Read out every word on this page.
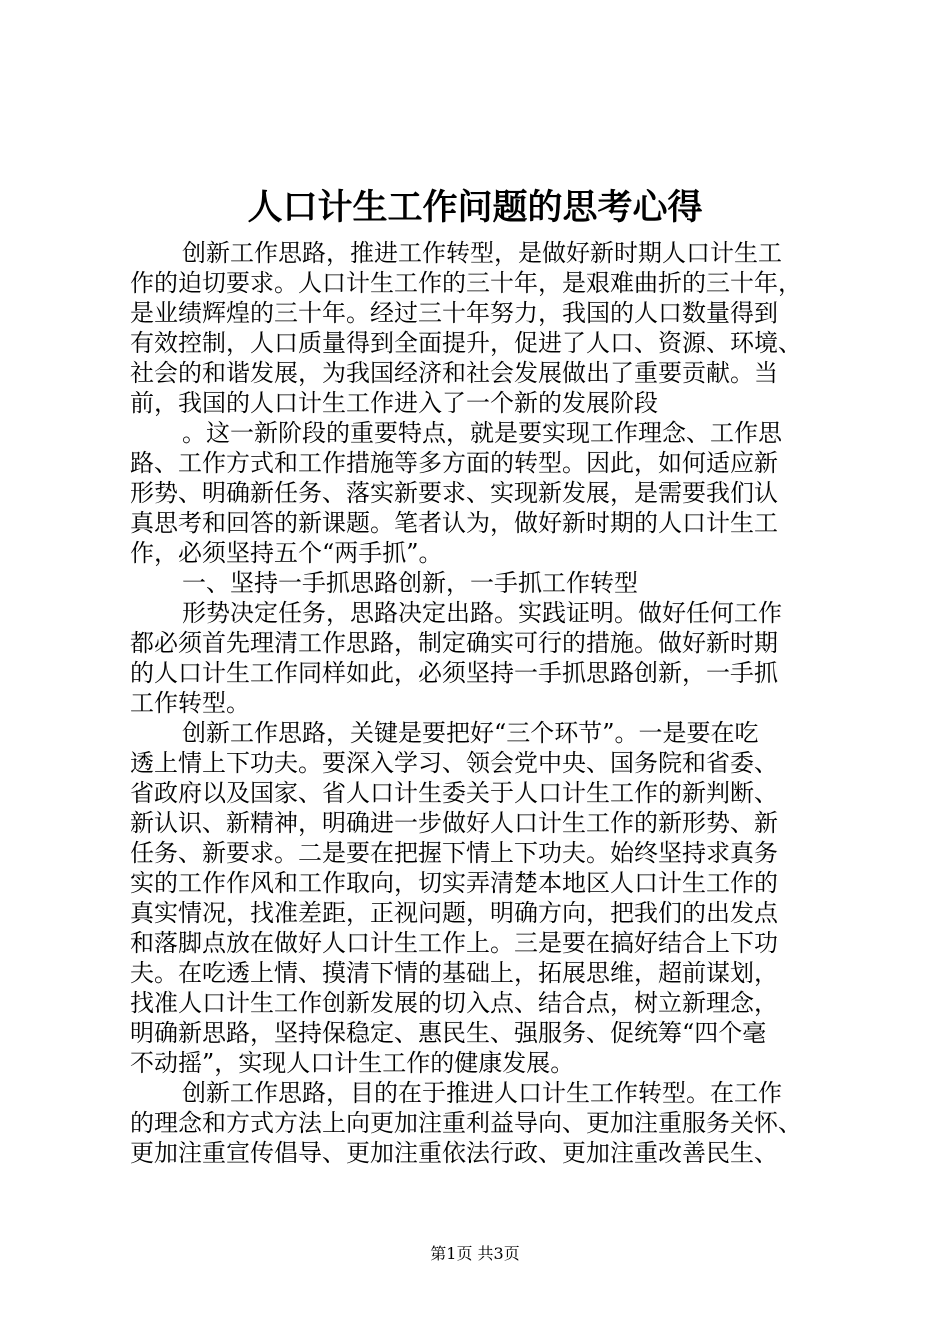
人口计生工作问题的思考心得
创新工作思路，推进工作转型，是做好新时期人口计生工
作的迫切要求。人口计生工作的三十年，是艰难曲折的三十年，
是业绩辉煌的三十年。经过三十年努力，我国的人口数量得到
有效控制，人口质量得到全面提升，促进了人口、资源、环境、
社会的和谐发展，为我国经济和社会发展做出了重要贡献。当
前，我国的人口计生工作进入了一个新的发展阶段
。这一新阶段的重要特点，就是要实现工作理念、工作思
路、工作方式和工作措施等多方面的转型。因此，如何适应新
形势、明确新任务、落实新要求、实现新发展，是需要我们认
真思考和回答的新课题。笔者认为，做好新时期的人口计生工
作，必须坚持五个“两手抓”。
一、坚持一手抓思路创新，一手抓工作转型
形势决定任务，思路决定出路。实践证明。做好任何工作
都必须首先理清工作思路，制定确实可行的措施。做好新时期
的人口计生工作同样如此，必须坚持一手抓思路创新，一手抓
工作转型。
创新工作思路，关键是要把好“三个环节”。一是要在吃
透上情上下功夫。要深入学习、领会党中央、国务院和省委、
省政府以及国家、省人口计生委关于人口计生工作的新判断、
新认识、新精神，明确进一步做好人口计生工作的新形势、新
任务、新要求。二是要在把握下情上下功夫。始终坚持求真务
实的工作作风和工作取向，切实弄清楚本地区人口计生工作的
真实情况，找准差距，正视问题，明确方向，把我们的出发点
和落脚点放在做好人口计生工作上。三是要在搞好结合上下功
夫。在吃透上情、摸清下情的基础上，拓展思维，超前谋划，
找准人口计生工作创新发展的切入点、结合点，树立新理念，
明确新思路，坚持保稳定、惠民生、强服务、促统筹“四个毫
不动摇”，实现人口计生工作的健康发展。
创新工作思路，目的在于推进人口计生工作转型。在工作
的理念和方式方法上向更加注重利益导向、更加注重服务关怀、
更加注重宣传倡导、更加注重依法行政、更加注重改善民生、
第1页 共3页
